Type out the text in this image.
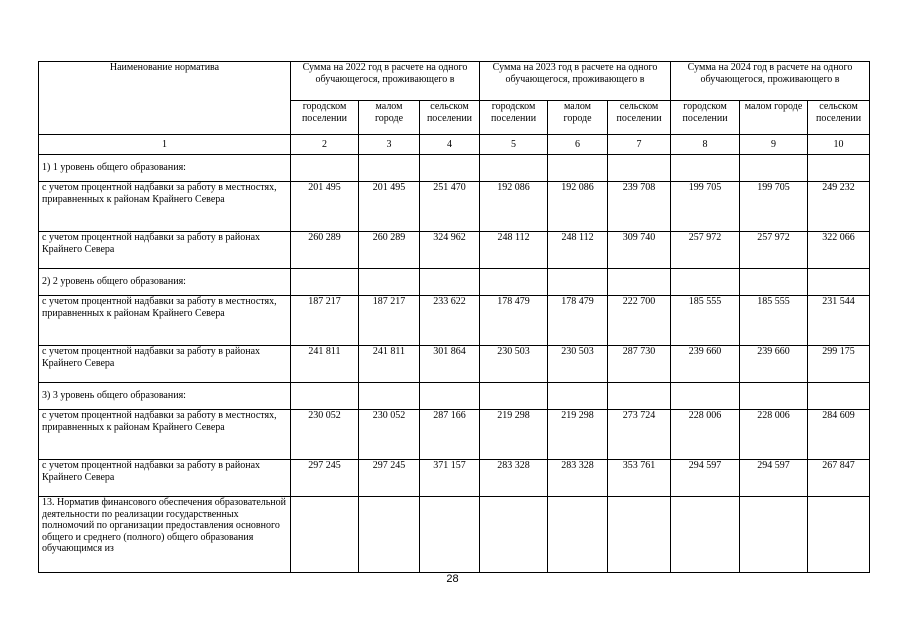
Наименование норматива	Сумма на 2022 год в расчете на одного обучающегося, проживающего в			Сумма на 2023 год в расчете на одного обучающегося, проживающего в			Сумма на 2024 год в расчете на одного обучающегося, проживающего в		
	городском поселении	малом городе	сельском поселении	городском поселении	малом городе	сельском поселении	городском поселении	малом городе	сельском поселении
1	2	3	4	5	6	7	8	9	10
1) 1 уровень общего образования:									
с учетом процентной надбавки за работу в местностях, приравненных к районам Крайнего Севера	201 495	201 495	251 470	192 086	192 086	239 708	199 705	199 705	249 232
с учетом процентной надбавки за работу в районах Крайнего Севера	260 289	260 289	324 962	248 112	248 112	309 740	257 972	257 972	322 066
2) 2 уровень общего образования:									
с учетом процентной надбавки за работу в местностях, приравненных к районам Крайнего Севера	187 217	187 217	233 622	178 479	178 479	222 700	185 555	185 555	231 544
с учетом процентной надбавки за работу в районах Крайнего Севера	241 811	241 811	301 864	230 503	230 503	287 730	239 660	239 660	299 175
3) 3 уровень общего образования:									
с учетом процентной надбавки за работу в местностях, приравненных к районам Крайнего Севера	230 052	230 052	287 166	219 298	219 298	273 724	228 006	228 006	284 609
с учетом процентной надбавки за работу в районах Крайнего Севера	297 245	297 245	371 157	283 328	283 328	353 761	294 597	294 597	267 847
13. Норматив финансового обеспечения образовательной деятельности по реализации государственных полномочий по организации предоставления основного общего и среднего (полного) общего образования обучающимся из									
28
